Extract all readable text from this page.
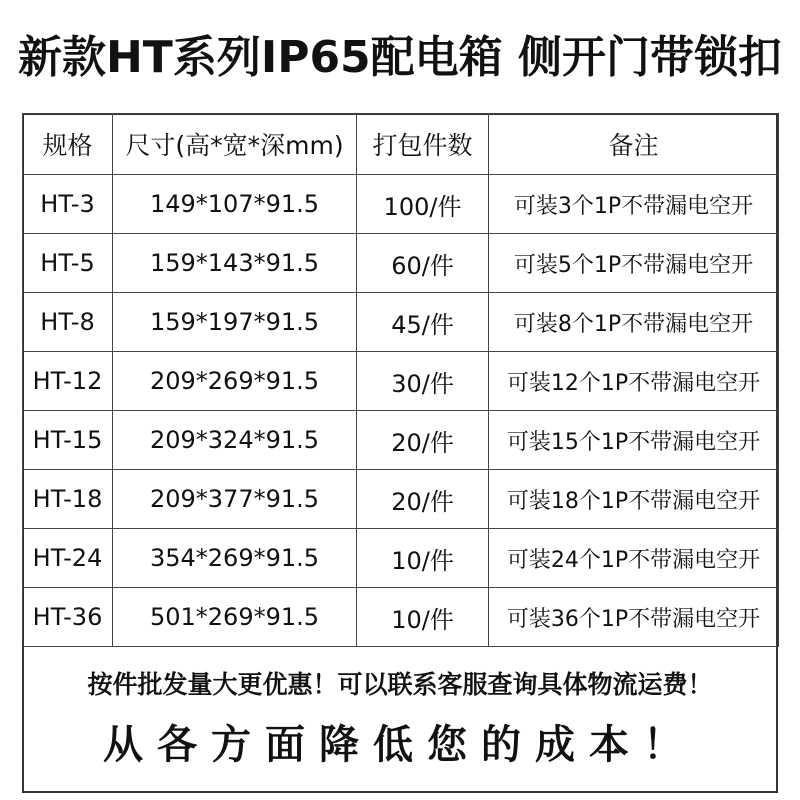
新款HT系列IP65配电箱 侧开门带锁扣
规格	尺寸(高*宽*深mm)	打包件数	备注
HT-3	149*107*91.5	100/件	可装3个1P不带漏电空开
HT-5	159*143*91.5	60/件	可装5个1P不带漏电空开
HT-8	159*197*91.5	45/件	可装8个1P不带漏电空开
HT-12	209*269*91.5	30/件	可装12个1P不带漏电空开
HT-15	209*324*91.5	20/件	可装15个1P不带漏电空开
HT-18	209*377*91.5	20/件	可装18个1P不带漏电空开
HT-24	354*269*91.5	10/件	可装24个1P不带漏电空开
HT-36	501*269*91.5	10/件	可装36个1P不带漏电空开
按件批发量大更优惠！可以联系客服查询具体物流运费！
从各方面降低您的成本！
